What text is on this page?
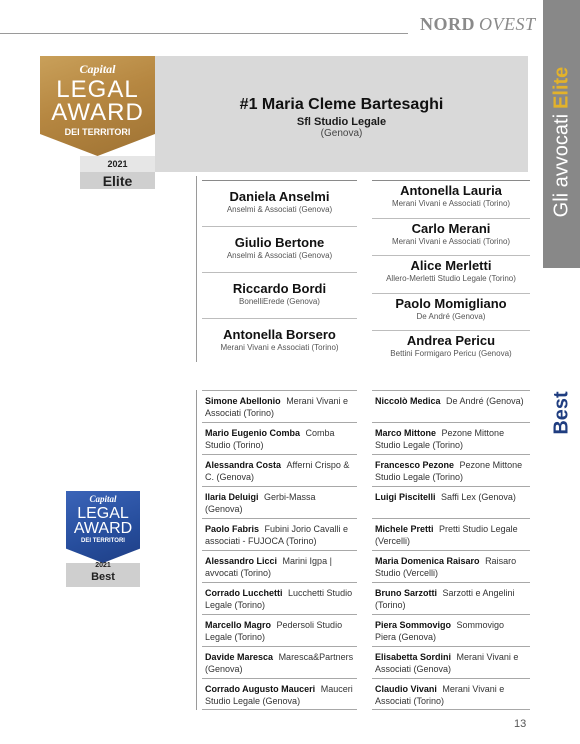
NORD OVEST
Gli avvocatiElite
Best
Capital
LEGAL
AWARD
DEI TERRITORI
2021
Elite
#1 Maria Cleme Bartesaghi
Sfl Studio Legale
(Genova)
Daniela Anselmi
Anselmi & Associati (Genova)
Giulio Bertone
Anselmi & Associati (Genova)
Riccardo Bordi
BonelliErede (Genova)
Antonella Borsero
Merani Vivani e Associati (Torino)
Antonella Lauria
Merani Vivani e Associati (Torino)
Carlo Merani
Merani Vivani e Associati (Torino)
Alice Merletti
Allero-Merletti Studio Legale (Torino)
Paolo Momigliano
De André (Genova)
Andrea Pericu
Bettini Formigaro Pericu (Genova)
Capital
LEGAL
AWARD
DEI TERRITORI
2021
Best
Simone Abellonio Merani Vivani e Associati (Torino)
Mario Eugenio Comba Comba Studio (Torino)
Alessandra Costa Afferni Crispo & C. (Genova)
Ilaria Deluigi Gerbi-Massa (Genova)
Paolo Fabris Fubini Jorio Cavalli e associati - FUJOCA (Torino)
Alessandro Licci Marini Igpa | avvocati (Torino)
Corrado Lucchetti Lucchetti Studio Legale (Torino)
Marcello Magro Pedersoli Studio Legale (Torino)
Davide Maresca Maresca&Partners (Genova)
Corrado Augusto Mauceri Mauceri Studio Legale (Genova)
Niccolò Medica De André (Genova)
Marco Mittone Pezone Mittone Studio Legale (Torino)
Francesco Pezone Pezone Mittone Studio Legale (Torino)
Luigi Piscitelli Saffi Lex (Genova)
Michele Pretti Pretti Studio Legale (Vercelli)
Maria Domenica Raisaro Raisaro Studio (Vercelli)
Bruno Sarzotti Sarzotti e Angelini (Torino)
Piera Sommovigo Sommovigo Piera (Genova)
Elisabetta Sordini Merani Vivani e Associati (Genova)
Claudio Vivani Merani Vivani e Associati (Torino)
13
